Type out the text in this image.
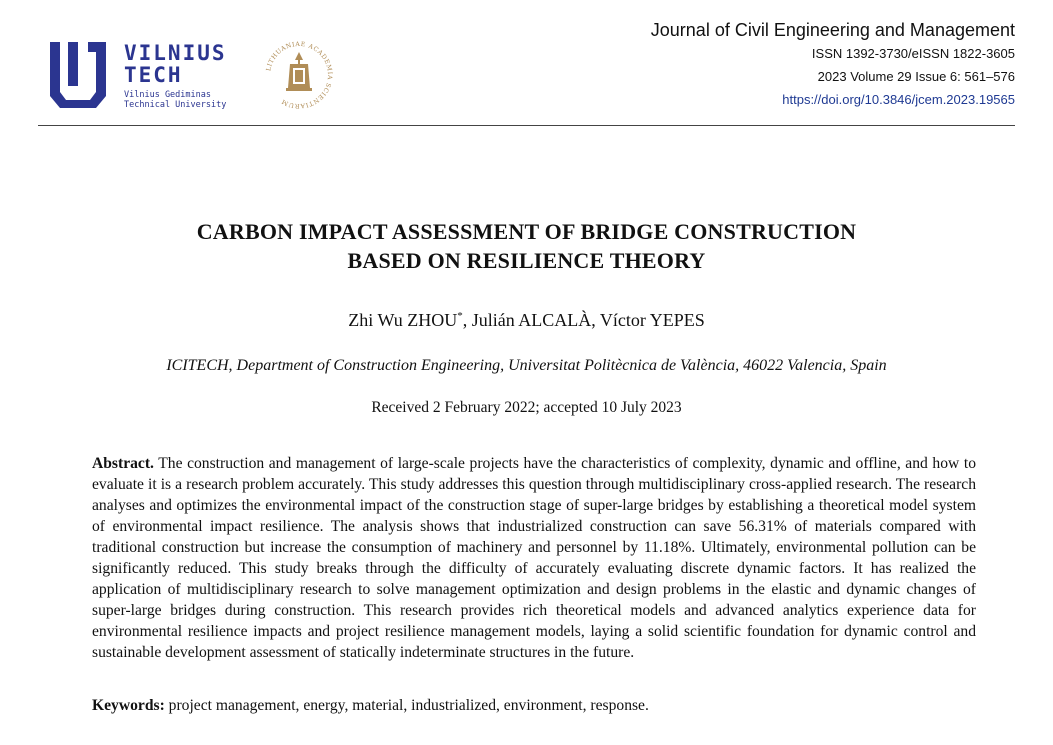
VILNIUS
TECH
Vilnius Gediminas
Technical University
LITHUANIAE ACADEMIA SCIENTIARUM
Journal of Civil Engineering and Management
ISSN 1392-3730/eISSN 1822-3605
2023 Volume 29 Issue 6: 561–576
https://doi.org/10.3846/jcem.2023.19565
CARBON IMPACT ASSESSMENT OF BRIDGE CONSTRUCTION
BASED ON RESILIENCE THEORY
Zhi Wu ZHOU*, Julián ALCALÀ, Víctor YEPES
ICITECH, Department of Construction Engineering, Universitat Politècnica de València, 46022 Valencia, Spain
Received 2 February 2022; accepted 10 July 2023
Abstract. The construction and management of large-scale projects have the characteristics of complexity, dynamic and offline, and how to evaluate it is a research problem accurately. This study addresses this question through multidisciplinary cross-applied research. The research analyses and optimizes the environmental impact of the construction stage of super-large bridges by establishing a theoretical model system of environmental impact resilience. The analysis shows that industrialized construction can save 56.31% of materials compared with traditional construction but increase the consumption of machinery and personnel by 11.18%. Ultimately, environmental pollution can be significantly reduced. This study breaks through the difficulty of accurately evaluating discrete dynamic factors. It has realized the application of multidisciplinary research to solve management optimization and design problems in the elastic and dynamic changes of super-large bridges during construction. This research provides rich theoretical models and advanced analytics experience data for environmental resilience impacts and project resilience management models, laying a solid scientific foundation for dynamic control and sustainable development assessment of statically indeterminate structures in the future.
Keywords: project management, energy, material, industrialized, environment, response.
